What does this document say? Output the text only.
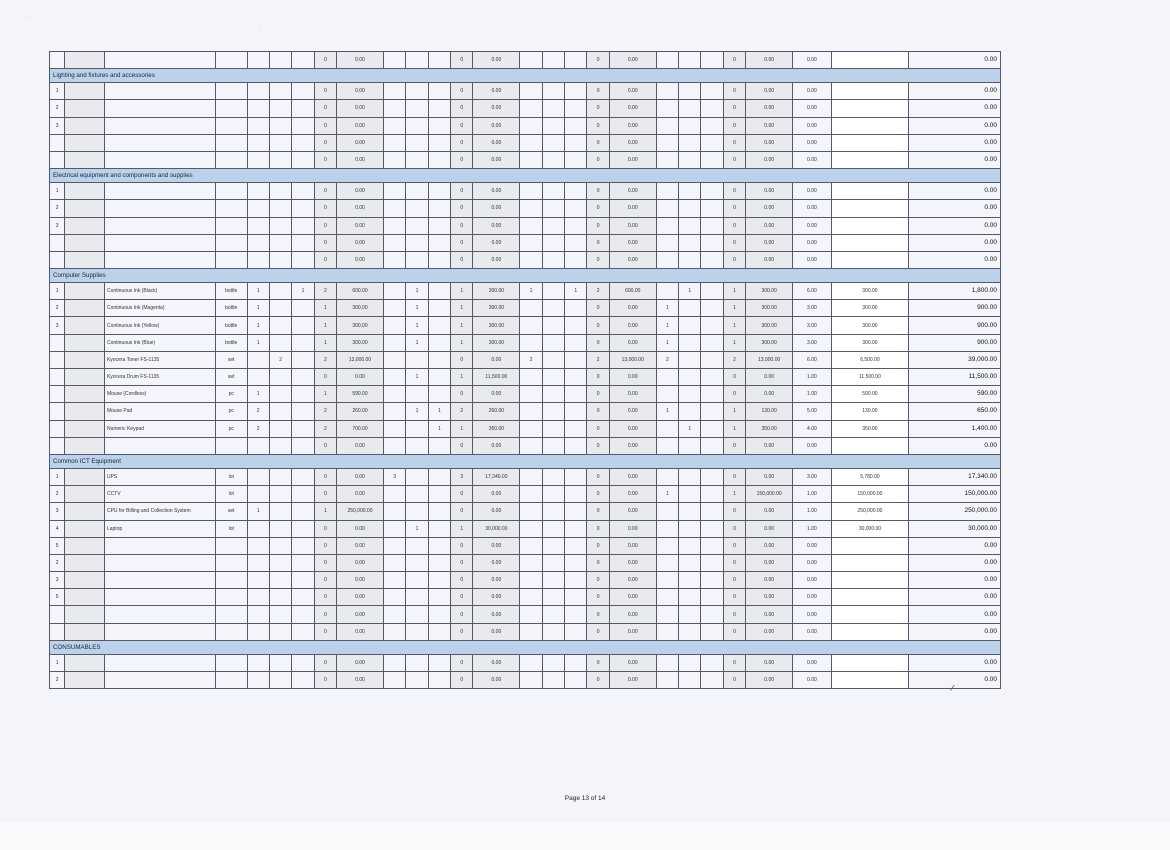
·
·
							0	0.00				0	0.00				0	0.00				0	0.00	0.00		0.00
Lighting and fixtures and accessories																										
1							0	0.00				0	0.00				0	0.00				0	0.00	0.00		0.00
2							0	0.00				0	0.00				0	0.00				0	0.00	0.00		0.00
3							0	0.00				0	0.00				0	0.00				0	0.00	0.00		0.00
							0	0.00				0	0.00				0	0.00				0	0.00	0.00		0.00
							0	0.00				0	0.00				0	0.00				0	0.00	0.00		0.00
Electrical equipment and components and supplies																										
1							0	0.00				0	0.00				0	0.00				0	0.00	0.00		0.00
2							0	0.00				0	0.00				0	0.00				0	0.00	0.00		0.00
3							0	0.00				0	0.00				0	0.00				0	0.00	0.00		0.00
							0	0.00				0	0.00				0	0.00				0	0.00	0.00		0.00
							0	0.00				0	0.00				0	0.00				0	0.00	0.00		0.00
Computer Supplies																										
1		Continuous Ink (Black)	bottle	1		1	2	600.00		1		1	300.00	1		1	2	600.00		1		1	300.00	6.00	300.00	1,800.00
2		Continuous Ink (Magenta)	bottle	1			1	300.00		1		1	300.00				0	0.00	1			1	300.00	3.00	300.00	900.00
3		Continuous Ink (Yellow)	bottle	1			1	300.00		1		1	300.00				0	0.00	1			1	300.00	3.00	300.00	900.00
		Continuous Ink (Blue)	bottle	1			1	300.00		1		1	300.00				0	0.00	1			1	300.00	3.00	300.00	900.00
		Kyocera Toner FS-1135	set		2		2	13,000.00				0	0.00	2			2	13,000.00	2			2	13,000.00	6.00	6,500.00	39,000.00
		Kyocera Drum FS-1135	set				0	0.00		1		1	11,500.00				0	0.00				0	0.00	1.00	11,500.00	11,500.00
		Mouse (Cordless)	pc	1			1	590.00				0	0.00				0	0.00				0	0.00	1.00	590.00	590.00
		Mouse Pad	pc	2			2	260.00		1	1	2	260.00				0	0.00	1			1	130.00	5.00	130.00	650.00
		Numeric Keypad	pc	2			2	700.00			1	1	350.00				0	0.00		1		1	350.00	4.00	350.00	1,400.00
							0	0.00				0	0.00				0	0.00				0	0.00	0.00		0.00
Common ICT Equipment																										
1		UPS	lot				0	0.00	3			3	17,340.00				0	0.00				0	0.00	3.00	5,780.00	17,340.00
2		CCTV	lot				0	0.00				0	0.00				0	0.00	1			1	150,000.00	1.00	150,000.00	150,000.00
3		CPU for Billing and Collection System	set	1			1	250,000.00				0	0.00				0	0.00				0	0.00	1.00	250,000.00	250,000.00
4		Laptop	lot				0	0.00		1		1	30,000.00				0	0.00				0	0.00	1.00	30,000.00	30,000.00
5							0	0.00				0	0.00				0	0.00				0	0.00	0.00		0.00
2							0	0.00				0	0.00				0	0.00				0	0.00	0.00		0.00
3							0	0.00				0	0.00				0	0.00				0	0.00	0.00		0.00
5							0	0.00				0	0.00				0	0.00				0	0.00	0.00		0.00
							0	0.00				0	0.00				0	0.00				0	0.00	0.00		0.00
							0	0.00				0	0.00				0	0.00				0	0.00	0.00		0.00
CONSUMABLES																										
1							0	0.00				0	0.00				0	0.00				0	0.00	0.00		0.00
2							0	0.00				0	0.00				0	0.00				0	0.00	0.00		0.00
/
Page 13 of 14
